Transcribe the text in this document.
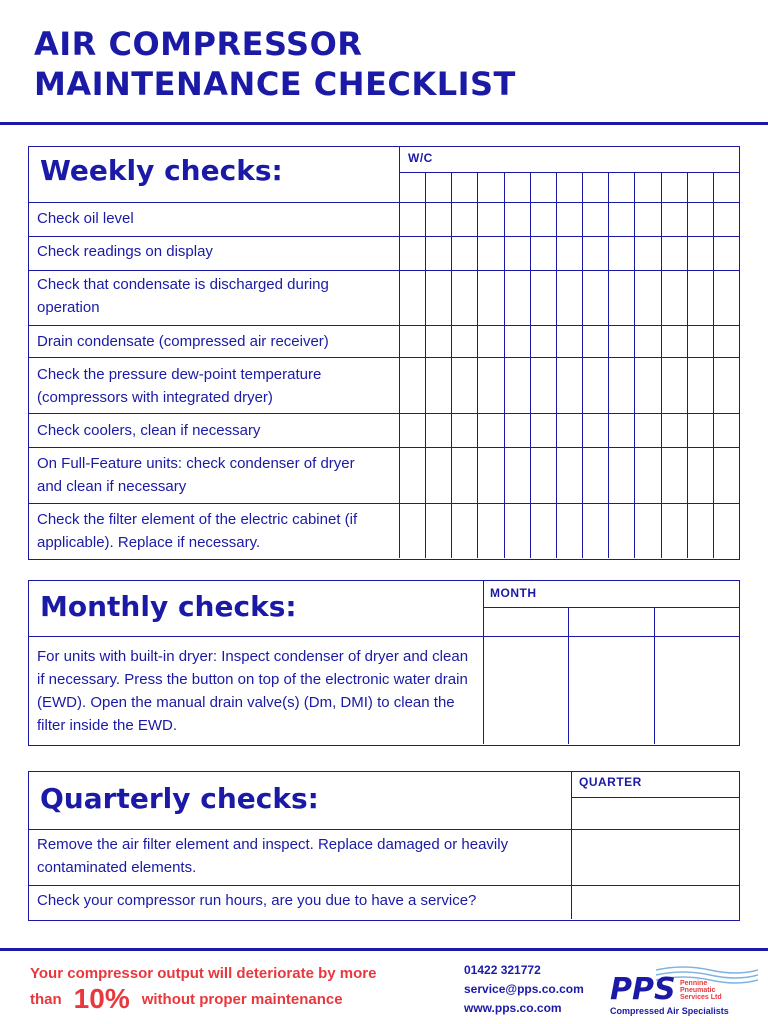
AIR COMPRESSOR
MAINTENANCE CHECKLIST
Weekly checks:	W/C
Check oil level
Check readings on display
Check that condensate is discharged during operation
Drain condensate (compressed air receiver)
Check the pressure dew-point temperature (compressors with integrated dryer)
Check coolers, clean if necessary
On Full-Feature units: check condenser of dryer and clean if necessary
Check the filter element of the electric cabinet (if applicable). Replace if necessary.
Monthly checks:	MONTH
For units with built-in dryer: Inspect condenser of dryer and clean if necessary. Press the button on top of the electronic water drain (EWD). Open the manual drain valve(s) (Dm, DMI) to clean the filter inside the EWD.
Quarterly checks:	QUARTER
Remove the air filter element and inspect. Replace damaged or heavily contaminated elements.
Check your compressor run hours, are you due to have a service?
Your compressor output will deteriorate by more
than 10% without proper maintenance
01422 321772
service@pps.co.com
www.pps.co.com
PPS Pennine Pneumatic Services Ltd
Compressed Air Specialists
